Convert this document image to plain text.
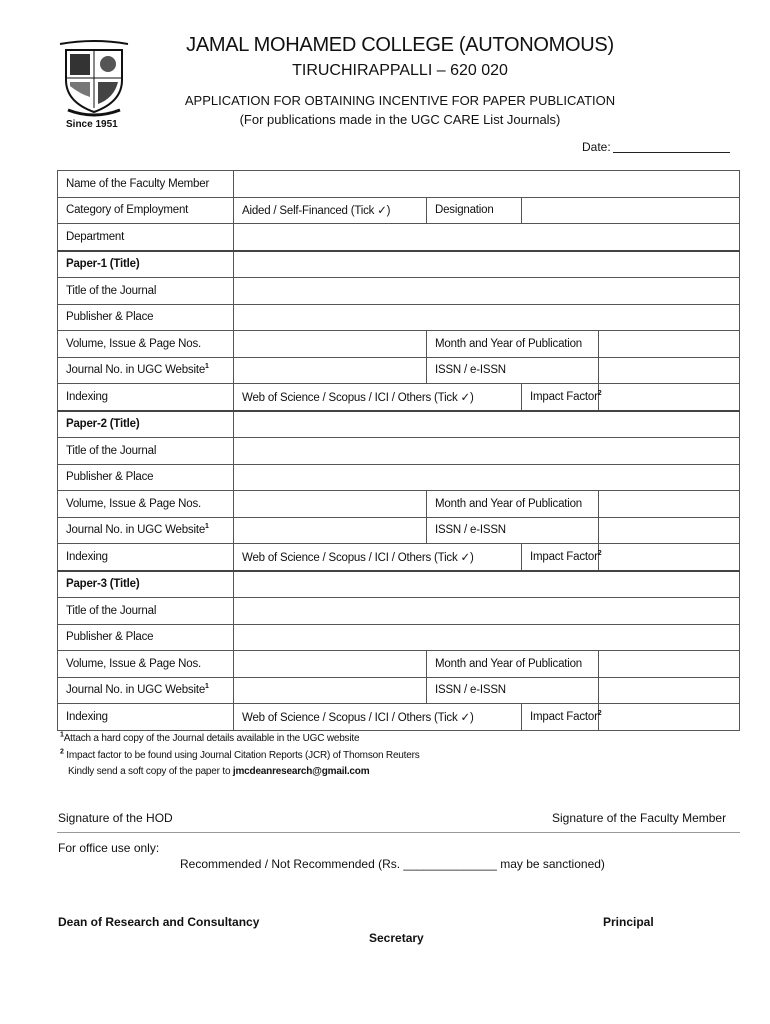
Since 1951
JAMAL MOHAMED COLLEGE (AUTONOMOUS)
TIRUCHIRAPPALLI – 620 020
APPLICATION FOR OBTAINING INCENTIVE FOR PAPER PUBLICATION
(For publications made in the UGC CARE List Journals)
Date:
Name of the Faculty Member				
Category of Employment	Aided / Self-Financed (Tick ✓)	Designation		
Department				
Paper-1 (Title)				
Title of the Journal				
Publisher & Place				
Volume, Issue & Page Nos.		Month and Year of Publication		
Journal No. in UGC Website$^1$		ISSN / e-ISSN		
Indexing	Web of Science / Scopus / ICI / Others (Tick ✓)		Impact Factor$^2$	
Paper-2 (Title)				
Title of the Journal				
Publisher & Place				
Volume, Issue & Page Nos.		Month and Year of Publication		
Journal No. in UGC Website$^1$		ISSN / e-ISSN		
Indexing	Web of Science / Scopus / ICI / Others (Tick ✓)		Impact Factor$^2$	
Paper-3 (Title)				
Title of the Journal				
Publisher & Place				
Volume, Issue & Page Nos.		Month and Year of Publication		
Journal No. in UGC Website$^1$		ISSN / e-ISSN		
Indexing	Web of Science / Scopus / ICI / Others (Tick ✓)		Impact Factor$^2$	
$^1$Attach a hard copy of the Journal details available in the UGC website
$^2$ Impact factor to be found using Journal Citation Reports (JCR) of Thomson Reuters
Kindly send a soft copy of the paper to jmcdeanresearch@gmail.com
Signature of the HOD	Signature of the Faculty Member
For office use only:
Recommended / Not Recommended (Rs. ______________ may be sanctioned)
Dean of Research and Consultancy	Principal
Secretary
